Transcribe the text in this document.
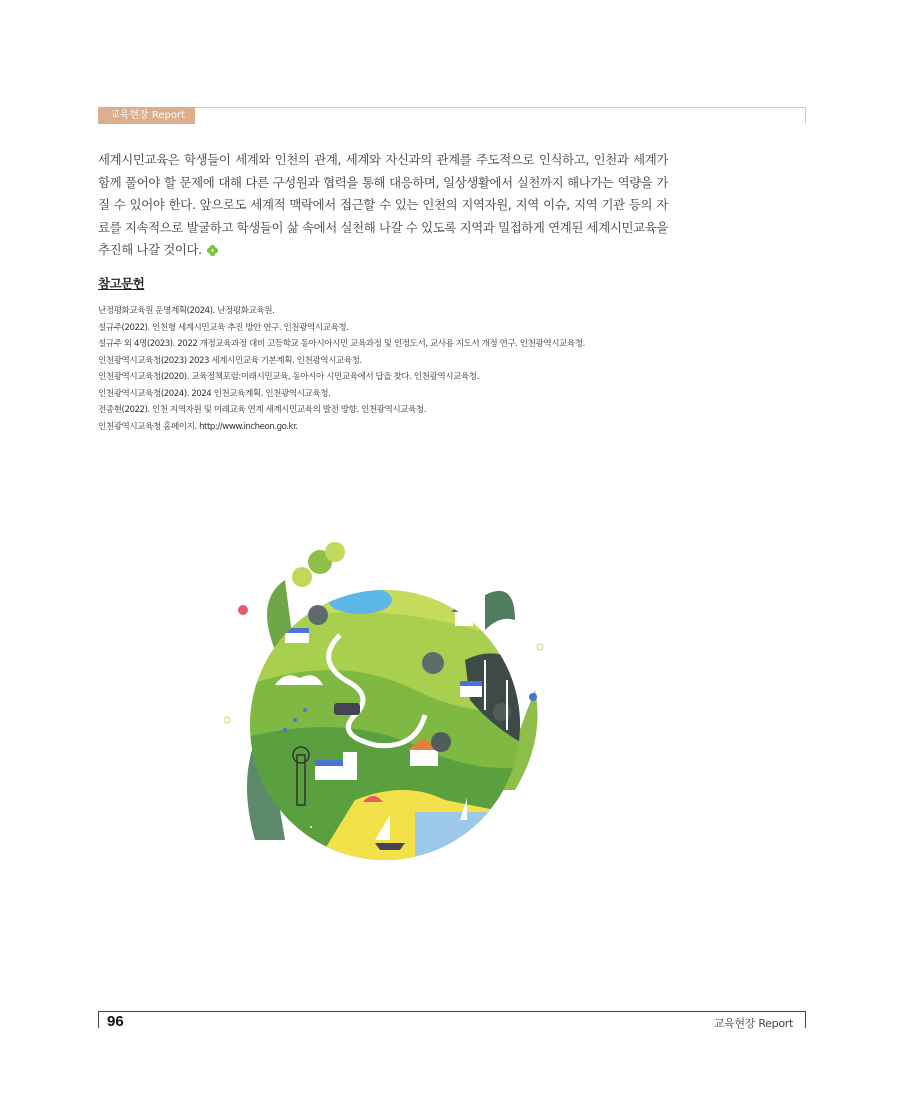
교육현장 Report

세계시민교육은 학생들이 세계와 인천의 관계, 세계와 자신과의 관계를 주도적으로 인식하고, 인천과 세계가 함께 풀어야 할 문제에 대해 다른 구성원과 협력을 통해 대응하며, 일상생활에서 실천까지 해나가는 역량을 가질 수 있어야 한다. 앞으로도 세계적 맥락에서 접근할 수 있는 인천의 지역자원, 지역 이슈, 지역 기관 등의 자료를 지속적으로 발굴하고 학생들이 삶 속에서 실천해 나갈 수 있도록 지역과 밀접하게 연계된 세계시민교육을 추진해 나갈 것이다.

참고문헌
난정평화교육원 운영계획(2024). 난정평화교육원.
설규주(2022). 인천형 세계시민교육 추진 방안 연구. 인천광역시교육청.
설규주 외 4명(2023). 2022 개정교육과정 대비 고등학교 동아시아시민 교육과정 및 인정도서, 교사용 지도서 개정 연구. 인천광역시교육청.
인천광역시교육청(2023) 2023 세계시민교육 기본계획. 인천광역시교육청.
인천광역시교육청(2020). 교육정책포럼:미래시민교육, 동아시아 시민교육에서 답을 찾다. 인천광역시교육청.
인천광역시교육청(2024). 2024 인천교육계획. 인천광역시교육청.
전종현(2022). 인천 지역자원 및 미래교육 연계 세계시민교육의 발전 방향. 인천광역시교육청.
인천광역시교육청 홈페이지. http://www.incheon.go.kr.
96	교육현장 Report
